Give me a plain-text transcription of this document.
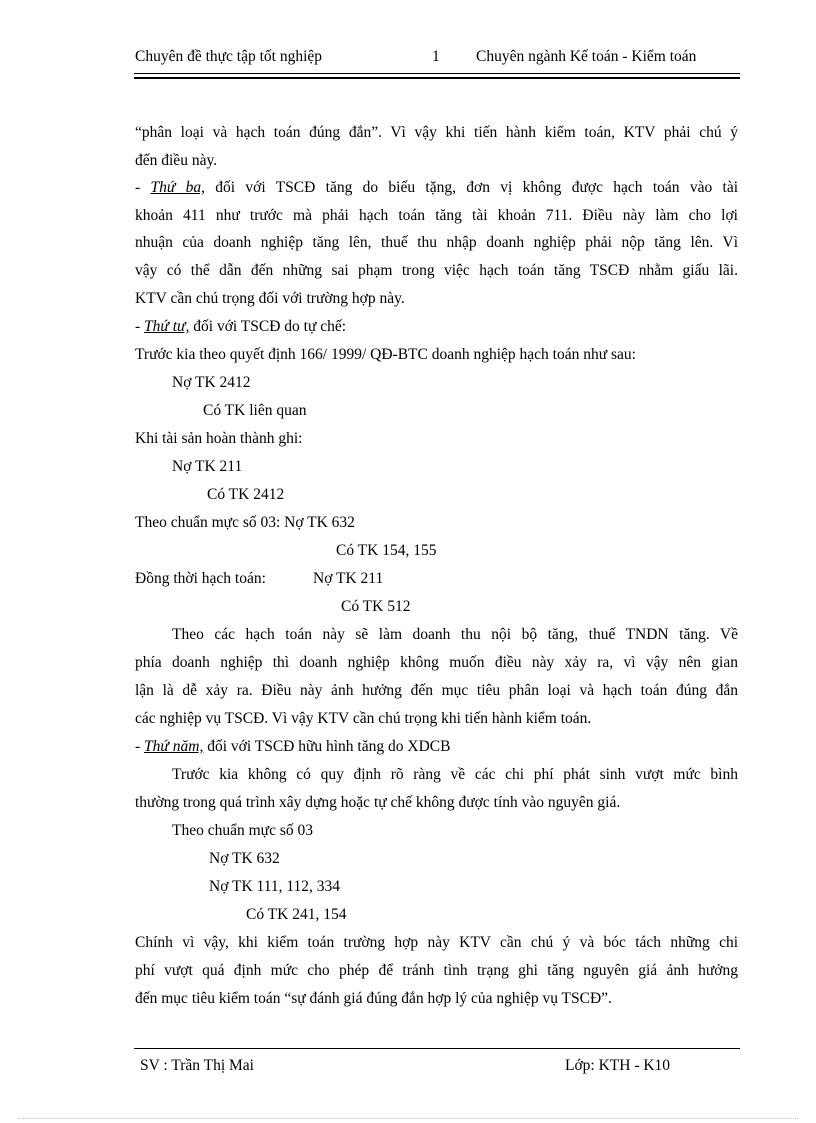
Chuyên đề thực tập tốt nghiệp	1 Chuyên ngành Kế toán - Kiểm toán
“phân loại và hạch toán đúng đắn”. Vì vậy khi tiến hành kiểm toán, KTV phải chú ý
đến điều này.
- Thứ ba, đối với TSCĐ tăng do biếu tặng, đơn vị không được hạch toán vào tài
khoản 411 như trước mà phải hạch toán tăng tài khoản 711. Điều này làm cho lợi
nhuận của doanh nghiệp tăng lên, thuế thu nhập doanh nghiệp phải nộp tăng lên. Vì
vậy có thể dẫn đến những sai phạm trong việc hạch toán tăng TSCĐ nhằm giấu lãi.
KTV cần chú trọng đối với trường hợp này.
- Thứ tư, đối với TSCĐ do tự chế:
Trước kia theo quyết định 166/ 1999/ QĐ-BTC doanh nghiệp hạch toán như sau:
Nợ TK 2412
Có TK liên quan
Khi tài sản hoàn thành ghi:
Nợ TK 211
Có TK 2412
Theo chuẩn mực số 03: Nợ TK 632
Có TK 154, 155
Đồng thời hạch toán:	Nợ TK 211
Có TK 512
Theo các hạch toán này sẽ làm doanh thu nội bộ tăng, thuế TNDN tăng. Về
phía doanh nghiệp thì doanh nghiệp không muốn điều này xảy ra, vì vậy nên gian
lận là dễ xảy ra. Điều này ảnh hưởng đến mục tiêu phân loại và hạch toán đúng đắn
các nghiệp vụ TSCĐ. Vì vậy KTV cần chú trọng khi tiến hành kiểm toán.
- Thứ năm, đối với TSCĐ hữu hình tăng do XDCB
Trước kia không có quy định rõ ràng về các chi phí phát sinh vượt mức bình
thường trong quá trình xây dựng hoặc tự chế không được tính vào nguyên giá.
Theo chuẩn mực số 03
Nợ TK 632
Nợ TK 111, 112, 334
Có TK 241, 154
Chính vì vậy, khi kiểm toán trường hợp này KTV cần chú ý và bóc tách những chi
phí vượt quá định mức cho phép để tránh tình trạng ghi tăng nguyên giá ảnh hưởng
đến mục tiêu kiểm toán “sự đánh giá đúng đắn hợp lý của nghiệp vụ TSCĐ”.
SV : Trần Thị Mai	Lớp: KTH - K10
